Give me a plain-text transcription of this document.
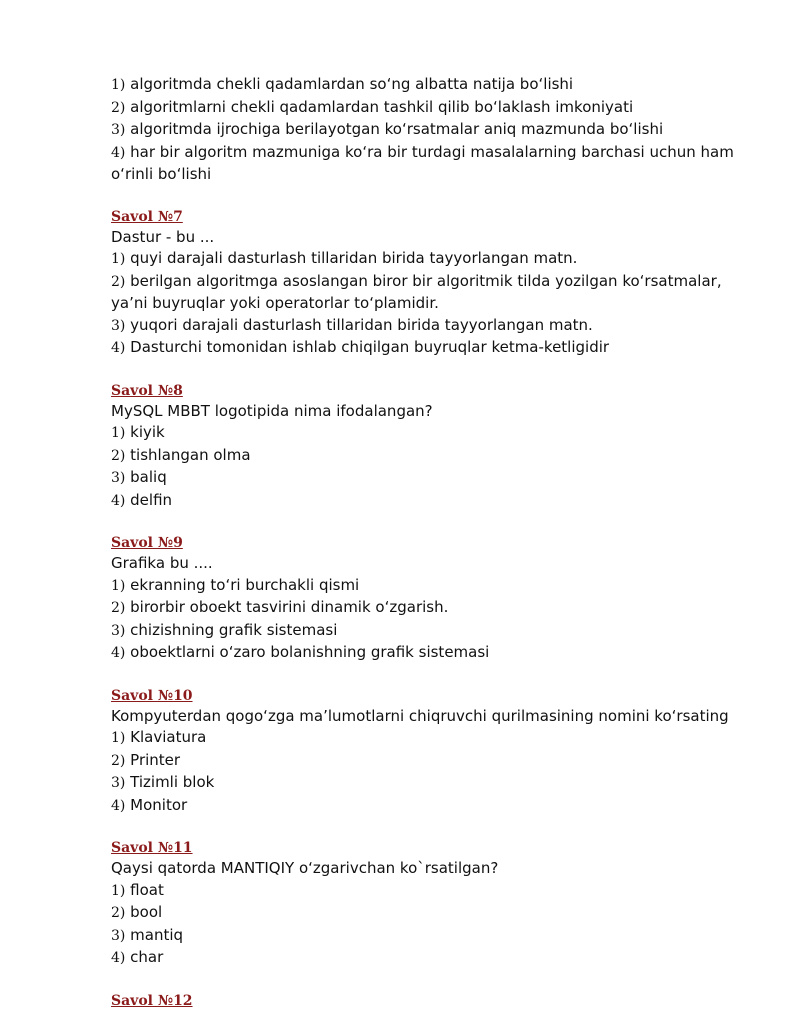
1) algoritmda chekli qadamlardan so‘ng albatta natija bo‘lishi
2) algoritmlarni chekli qadamlardan tashkil qilib bo‘laklash imkoniyati
3) algoritmda ijrochiga berilayotgan ko‘rsatmalar aniq mazmunda bo‘lishi
4) har bir algoritm mazmuniga ko‘ra bir turdagi masalalarning barchasi uchun ham o‘rinli bo‘lishi
Savol №7
Dastur - bu ...
1) quyi darajali dasturlash tillaridan birida tayyorlangan matn.
2) berilgan algoritmga asoslangan biror bir algoritmik tilda yozilgan ko‘rsatmalar, ya’ni buyruqlar yoki operatorlar to‘plamidir.
3) yuqori darajali dasturlash tillaridan birida tayyorlangan matn.
4) Dasturchi tomonidan ishlab chiqilgan buyruqlar ketma-ketligidir
Savol №8
MySQL MBBT logotipida nima ifodalangan?
1) kiyik
2) tishlangan olma
3) baliq
4) delfin
Savol №9
Grafika bu ....
1) ekranning to‘ri burchakli qismi
2) birorbir oboekt tasvirini dinamik o‘zgarish.
3) chizishning grafik sistemasi
4) oboektlarni o‘zaro bolanishning grafik sistemasi
Savol №10
Kompyuterdan qogo‘zga ma’lumotlarni chiqruvchi qurilmasining nomini ko‘rsating
1) Klaviatura
2) Printer
3) Tizimli blok
4) Monitor
Savol №11
Qaysi qatorda MANTIQIY o‘zgarivchan ko`rsatilgan?
1) float
2) bool
3) mantiq
4) char
Savol №12
